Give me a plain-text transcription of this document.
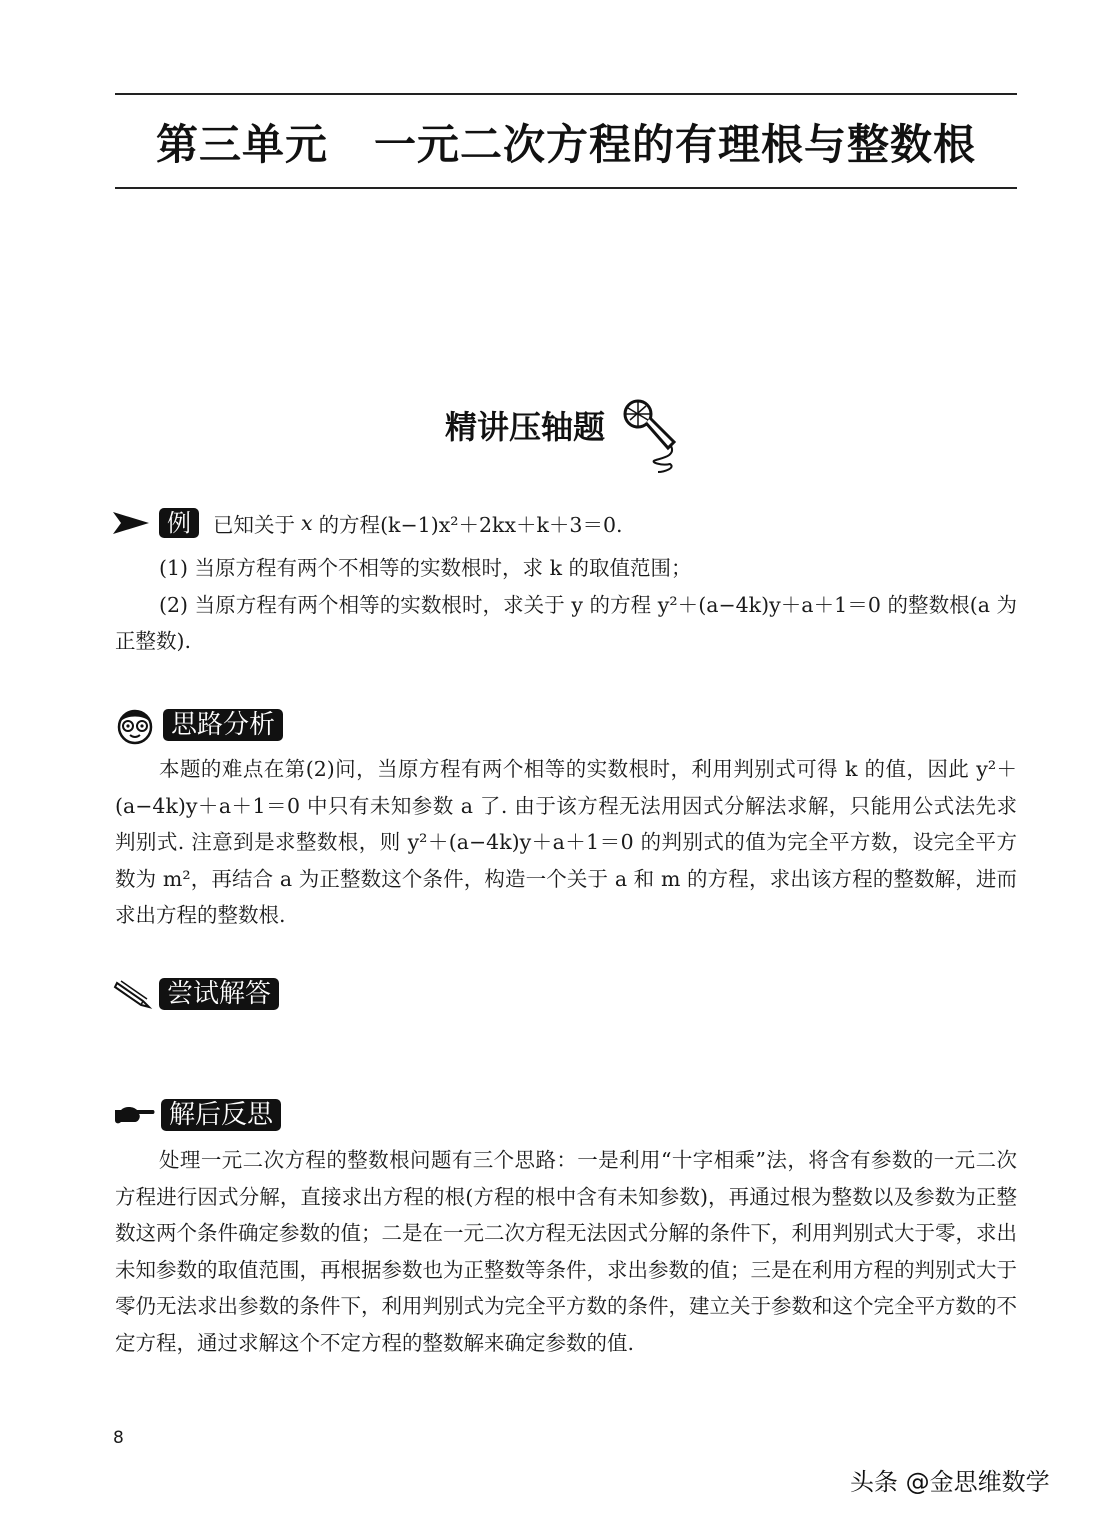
第三单元 一元二次方程的有理根与整数根
精讲压轴题
例	已知关于 x 的方程 (k−1)x²＋2kx＋k＋3＝0.

(1) 当原方程有两个不相等的实数根时，求 k 的取值范围；

(2) 当原方程有两个相等的实数根时，求关于 y 的方程 y²＋(a−4k)y＋a＋1＝0 的整数根(a 为正整数).

思路分析

本题的难点在第(2)问，当原方程有两个相等的实数根时，利用判别式可得 k 的值，因此 y²＋(a−4k)y＋a＋1＝0 中只有未知参数 a 了. 由于该方程无法用因式分解法求解，只能用公式法先求判别式. 注意到是求整数根，则 y²＋(a−4k)y＋a＋1＝0 的判别式的值为完全平方数，设完全平方数为 m²，再结合 a 为正整数这个条件，构造一个关于 a 和 m 的方程，求出该方程的整数解，进而求出方程的整数根.

尝试解答
解后反思

处理一元二次方程的整数根问题有三个思路：一是利用“十字相乘”法，将含有参数的一元二次方程进行因式分解，直接求出方程的根(方程的根中含有未知参数)，再通过根为整数以及参数为正整数这两个条件确定参数的值；二是在一元二次方程无法因式分解的条件下，利用判别式大于零，求出未知参数的取值范围，再根据参数也为正整数等条件，求出参数的值；三是在利用方程的判别式大于零仍无法求出参数的条件下，利用判别式为完全平方数的条件，建立关于参数和这个完全平方数的不定方程，通过求解这个不定方程的整数解来确定参数的值.

8
头条 @金思维数学
